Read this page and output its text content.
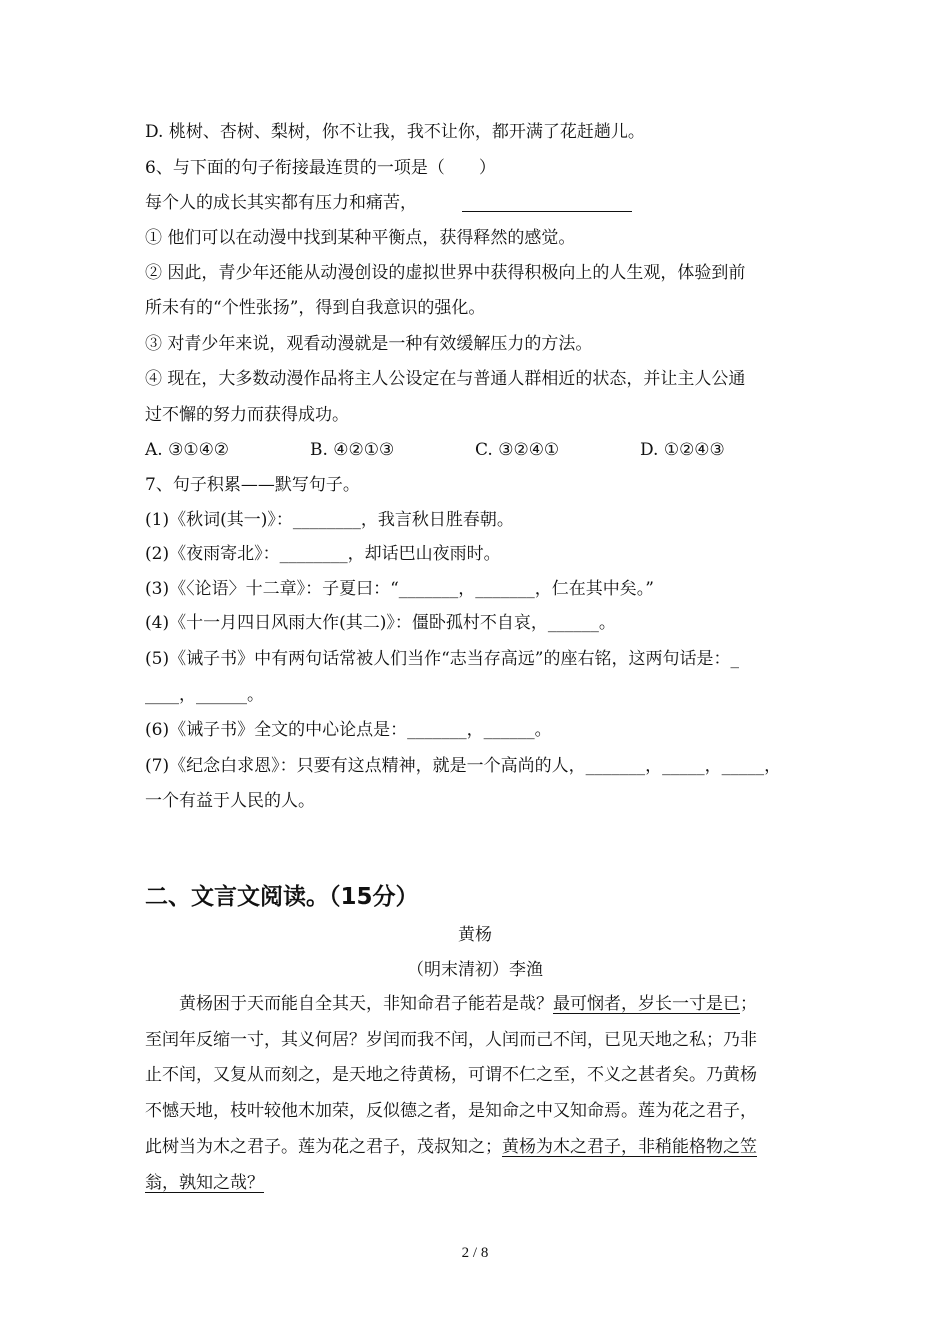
D. 桃树、杏树、梨树，你不让我，我不让你，都开满了花赶趟儿。
6、与下面的句子衔接最连贯的一项是（　　）
每个人的成长其实都有压力和痛苦，
① 他们可以在动漫中找到某种平衡点，获得释然的感觉。
② 因此，青少年还能从动漫创设的虚拟世界中获得积极向上的人生观，体验到前
所未有的“个性张扬”，得到自我意识的强化。
③ 对青少年来说，观看动漫就是一种有效缓解压力的方法。
④ 现在，大多数动漫作品将主人公设定在与普通人群相近的状态，并让主人公通
过不懈的努力而获得成功。
A. ③①④②	B. ④②①③	C. ③②④①	D. ①②④③
7、句子积累——默写句子。
(1)《秋词(其一)》：________，我言秋日胜春朝。
(2)《夜雨寄北》：________，却话巴山夜雨时。
(3)《〈论语〉十二章》：子夏曰：“_______，_______，仁在其中矣。”
(4)《十一月四日风雨大作(其二)》：僵卧孤村不自哀，______。
(5)《诫子书》中有两句话常被人们当作“志当存高远”的座右铭，这两句话是：_
____，______。
(6)《诫子书》全文的中心论点是：_______，______。
(7)《纪念白求恩》：只要有这点精神，就是一个高尚的人，_______，_____，_____，
一个有益于人民的人。
二、文言文阅读。（15分）
黄杨
（明末清初）李渔
黄杨困于天而能自全其天，非知命君子能若是哉？最可悯者，岁长一寸是已；
至闰年反缩一寸，其义何居？岁闰而我不闰，人闰而己不闰，已见天地之私；乃非
止不闰，又复从而刻之，是天地之待黄杨，可谓不仁之至，不义之甚者矣。乃黄杨
不憾天地，枝叶较他木加荣，反似德之者，是知命之中又知命焉。莲为花之君子，
此树当为木之君子。莲为花之君子，茂叔知之；黄杨为木之君子，非稍能格物之笠
翁，孰知之哉？
2 / 8
